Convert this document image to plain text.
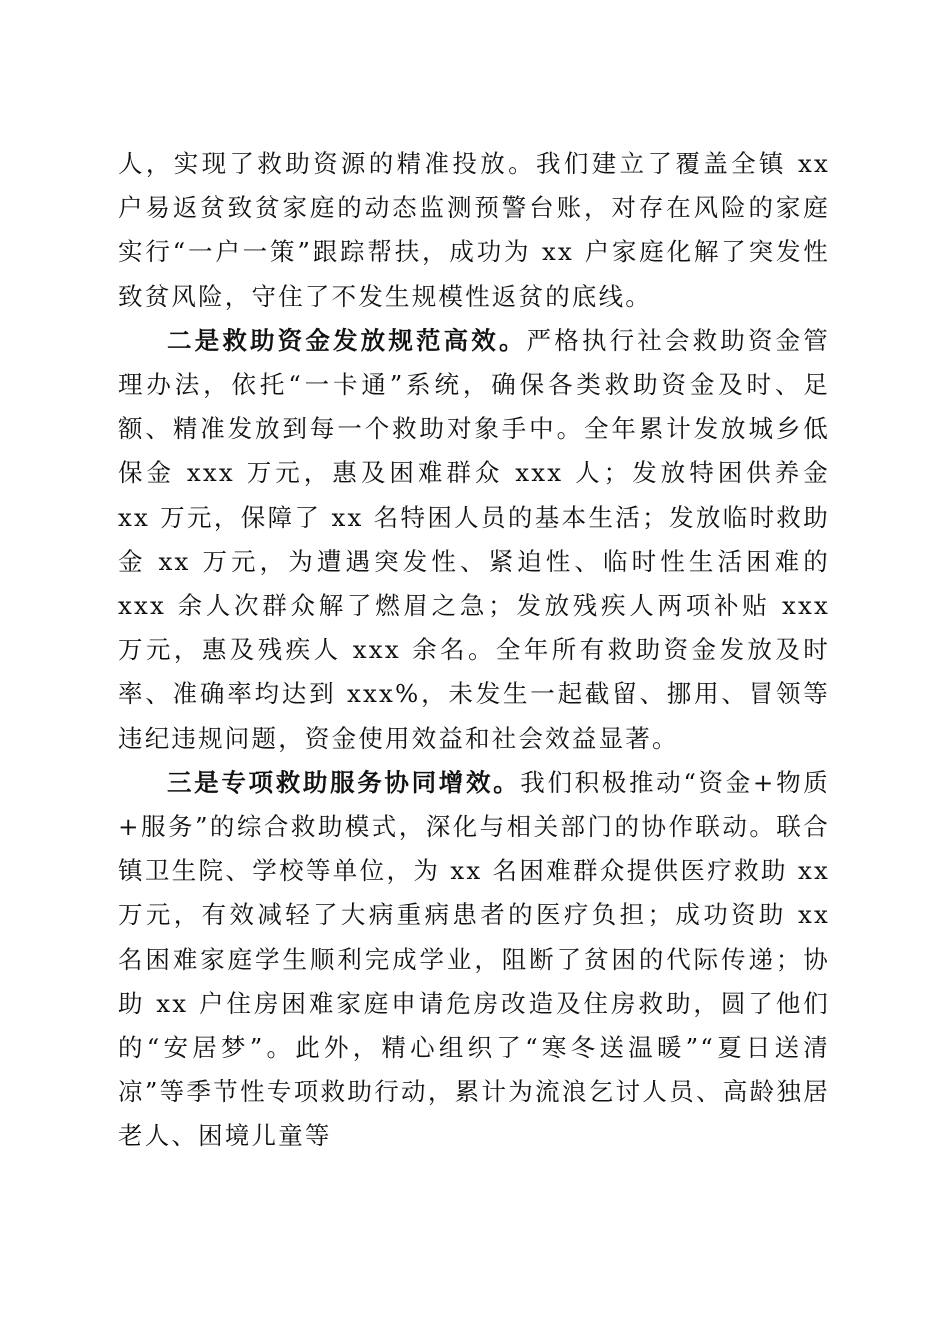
人，实现了救助资源的精准投放。我们建立了覆盖全镇 xx 户易返贫致贫家庭的动态监测预警台账，对存在风险的家庭实行“一户一策”跟踪帮扶，成功为 xx 户家庭化解了突发性致贫风险，守住了不发生规模性返贫的底线。

二是救助资金发放规范高效。严格执行社会救助资金管理办法，依托“一卡通”系统，确保各类救助资金及时、足额、精准发放到每一个救助对象手中。全年累计发放城乡低保金 xxx 万元，惠及困难群众 xxx 人；发放特困供养金 xx 万元，保障了 xx 名特困人员的基本生活；发放临时救助金 xx 万元，为遭遇突发性、紧迫性、临时性生活困难的 xxx 余人次群众解了燃眉之急；发放残疾人两项补贴 xxx 万元，惠及残疾人 xxx 余名。全年所有救助资金发放及时率、准确率均达到 xxx%，未发生一起截留、挪用、冒领等违纪违规问题，资金使用效益和社会效益显著。

三是专项救助服务协同增效。我们积极推动“资金+物质+服务”的综合救助模式，深化与相关部门的协作联动。联合镇卫生院、学校等单位，为 xx 名困难群众提供医疗救助 xx 万元，有效减轻了大病重病患者的医疗负担；成功资助 xx 名困难家庭学生顺利完成学业，阻断了贫困的代际传递；协助 xx 户住房困难家庭申请危房改造及住房救助，圆了他们的“安居梦”。此外，精心组织了“寒冬送温暖”“夏日送清凉”等季节性专项救助行动，累计为流浪乞讨人员、高龄独居老人、困境儿童等
